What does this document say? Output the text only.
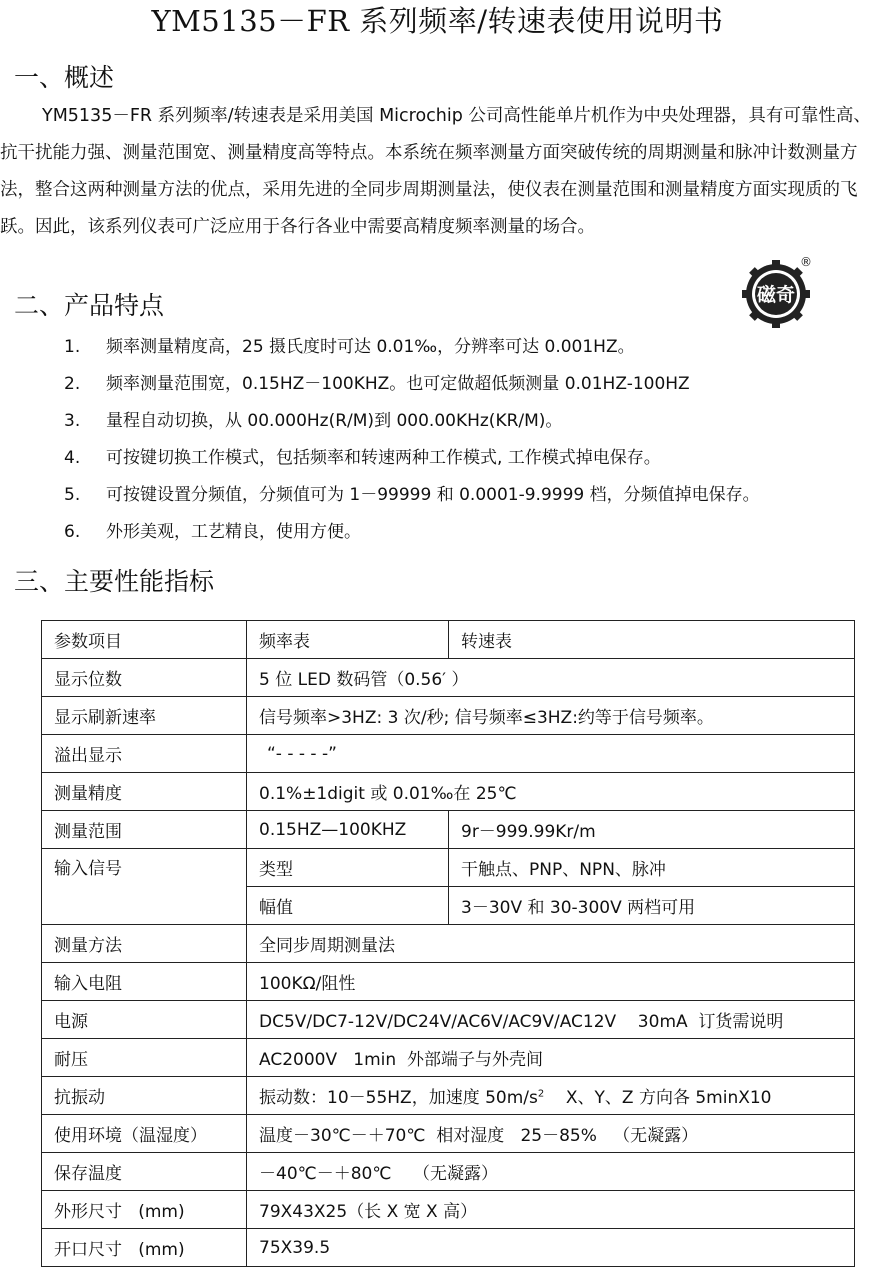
YM5135－FR 系列频率/转速表使用说明书
一、概述

YM5135－FR 系列频率/转速表是采用美国 Microchip 公司高性能单片机作为中央处理器，具有可靠性高、抗干扰能力强、测量范围宽、测量精度高等特点。本系统在频率测量方面突破传统的周期测量和脉冲计数测量方法，整合这两种测量方法的优点，采用先进的全同步周期测量法，使仪表在测量范围和测量精度方面实现质的飞跃。因此，该系列仪表可广泛应用于各行各业中需要高精度频率测量的场合。

磁奇
®
二、产品特点
1. 频率测量精度高，25 摄氏度时可达 0.01‰，分辨率可达 0.001HZ。
2. 频率测量范围宽，0.15HZ－100KHZ。也可定做超低频测量 0.01HZ-100HZ
3. 量程自动切换，从 00.000Hz(R/M)到 000.00KHz(KR/M)。
4. 可按键切换工作模式，包括频率和转速两种工作模式, 工作模式掉电保存。
5. 可按键设置分频值，分频值可为 1－99999 和 0.0001-9.9999 档，分频值掉电保存。
6. 外形美观，工艺精良，使用方便。
三、主要性能指标
参数项目	频率表	转速表
显示位数	5 位 LED 数码管（0.56′ ）	
显示刷新速率	信号频率>3HZ: 3 次/秒; 信号频率≤3HZ:约等于信号频率。	
溢出显示	“- - - - -”	
测量精度	0.1%±1digit 或 0.01‰在 25℃	
测量范围	0.15HZ—100KHZ	9r－999.99Kr/m
输入信号	类型	干触点、PNP、NPN、脉冲
	幅值	3－30V 和 30-300V 两档可用
测量方法	全同步周期测量法	
输入电阻	100KΩ/阻性	
电源	DC5V/DC7-12V/DC24V/AC6V/AC9V/AC12V    30mA  订货需说明	
耐压	AC2000V   1min  外部端子与外壳间	
抗振动	振动数：10－55HZ，加速度 $50m/s^2$    X、Y、Z 方向各 5minX10	
使用环境（温湿度）	温度－30℃－＋70℃  相对湿度   25－85%   （无凝露）	
保存温度	－40℃－＋80℃    （无凝露）	
外形尺寸   (mm)	79X43X25（长 X 宽 X 高）	
开口尺寸   (mm)	75X39.5	
